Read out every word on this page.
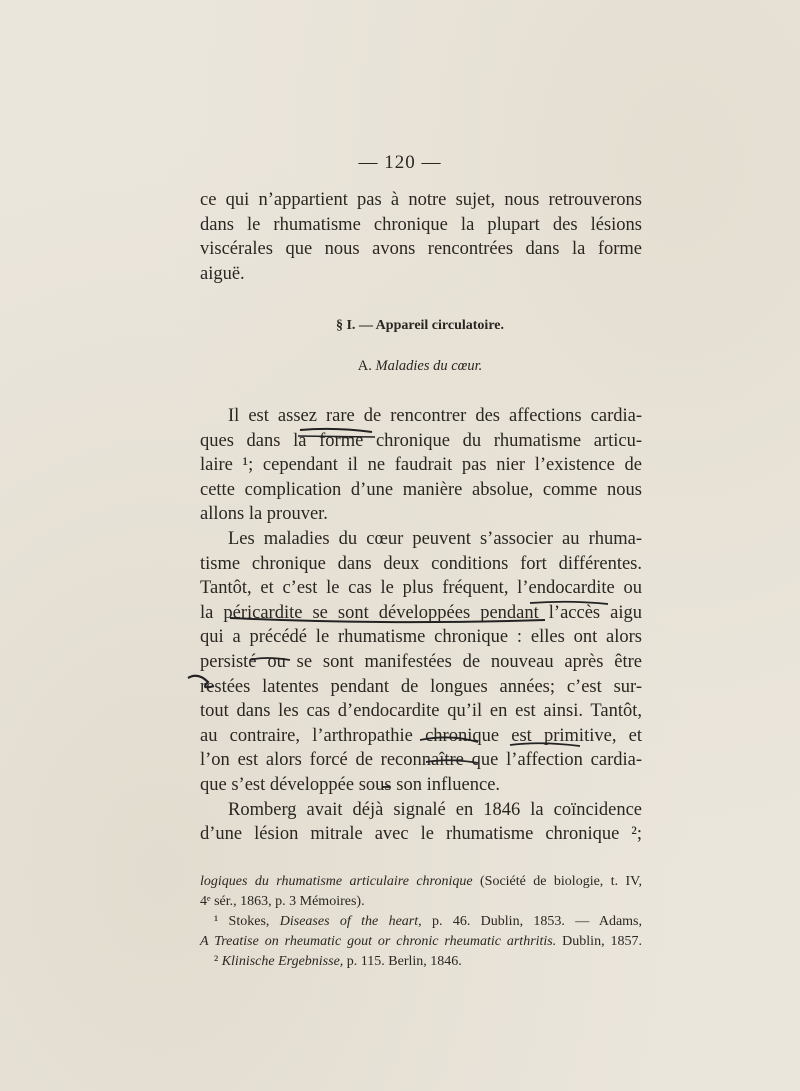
— 120 —
ce qui n’appartient pas à notre sujet, nous retrouverons
dans le rhumatisme chronique la plupart des lésions
viscérales que nous avons rencontrées dans la forme
aiguë.
§ I. — Appareil circulatoire.
A. Maladies du cœur.
Il est assez rare de rencontrer des affections cardia-
ques dans la forme chronique du rhumatisme articu-
laire ¹; cependant il ne faudrait pas nier l’existence de
cette complication d’une manière absolue, comme nous
allons la prouver.
Les maladies du cœur peuvent s’associer au rhuma-
tisme chronique dans deux conditions fort différentes.
Tantôt, et c’est le cas le plus fréquent, l’endocardite ou
la péricardite se sont développées pendant l’accès aigu
qui a précédé le rhumatisme chronique : elles ont alors
persisté ou se sont manifestées de nouveau après être
restées latentes pendant de longues années; c’est sur-
tout dans les cas d’endocardite qu’il en est ainsi. Tantôt,
au contraire, l’arthropathie chronique est primitive, et
l’on est alors forcé de reconnaître que l’affection cardia-
que s’est développée sous son influence.
Romberg avait déjà signalé en 1846 la coïncidence
d’une lésion mitrale avec le rhumatisme chronique ²;
logiques du rhumatisme articulaire chronique (Société de biologie, t. IV,
4ᵉ sér., 1863, p. 3 Mémoires).
¹ Stokes, Diseases of the heart, p. 46. Dublin, 1853. — Adams,
A Treatise on rheumatic gout or chronic rheumatic arthritis. Dublin, 1857.
² Klinische Ergebnisse, p. 115. Berlin, 1846.
